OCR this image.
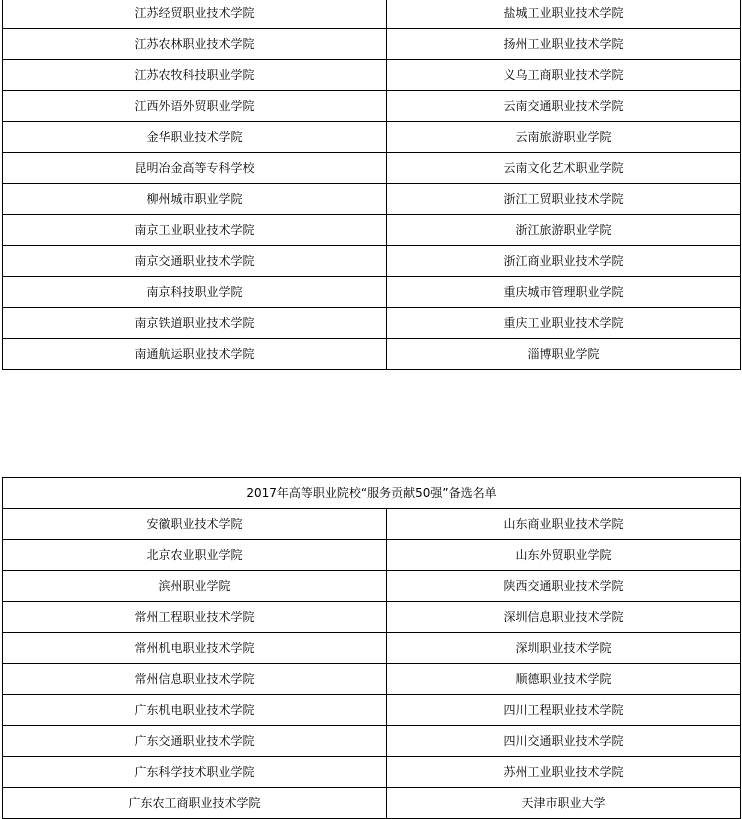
江苏经贸职业技术学院	盐城工业职业技术学院
江苏农林职业技术学院	扬州工业职业技术学院
江苏农牧科技职业学院	义乌工商职业技术学院
江西外语外贸职业学院	云南交通职业技术学院
金华职业技术学院	云南旅游职业学院
昆明冶金高等专科学校	云南文化艺术职业学院
柳州城市职业学院	浙江工贸职业技术学院
南京工业职业技术学院	浙江旅游职业学院
南京交通职业技术学院	浙江商业职业技术学院
南京科技职业学院	重庆城市管理职业学院
南京铁道职业技术学院	重庆工业职业技术学院
南通航运职业技术学院	淄博职业学院
2017年高等职业院校“服务贡献50强”备选名单	
安徽职业技术学院	山东商业职业技术学院
北京农业职业学院	山东外贸职业学院
滨州职业学院	陕西交通职业技术学院
常州工程职业技术学院	深圳信息职业技术学院
常州机电职业技术学院	深圳职业技术学院
常州信息职业技术学院	顺德职业技术学院
广东机电职业技术学院	四川工程职业技术学院
广东交通职业技术学院	四川交通职业技术学院
广东科学技术职业学院	苏州工业职业技术学院
广东农工商职业技术学院	天津市职业大学
